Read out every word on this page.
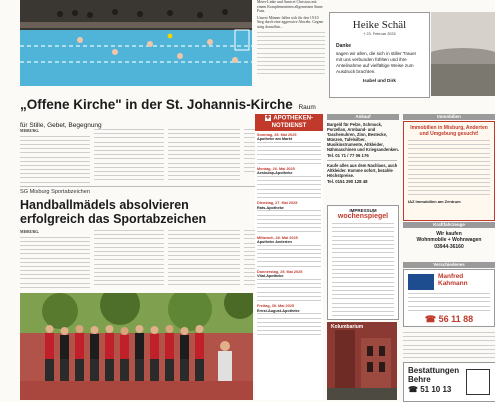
Meier-Linke und Annicet Christoss mit einem Komplementären allgemeinen Sinne Fans.
Unsere Männer fallen sich für den 19:10 Sieg durch eine aggressive Abwehr. Gegner stieg daraufhin...	Heike Schäl
† 23. Februar 2025
Danke
sagen wir allen, die sich in stiller Trauer mit uns verbunden fühlten und ihre Anteilnahme auf vielfältige Weise zum Ausdruck brachten.
Isabel und Dirk
„Offene Kirche" in der St. Johannis-Kirche Raum für Stille, Gebet, Begegnung
MISBURG.
SG Misburg Sportabzeichen
Handballmädels absolvieren erfolgreich das Sportabzeichen
MISBURG.
✚ APOTHEKEN-NOTDIENST
Sonntag, 25. Mai 2025
Apotheke am Markt
Montag, 26. Mai 2025
Aeskulap-Apotheke
Dienstag, 27. Mai 2025
Rats-Apotheke
Mittwoch, 28. Mai 2025
Apotheke Anderten
Donnerstag, 29. Mai 2025
Vital-Apotheke
Freitag, 30. Mai 2025
Ernst-August-Apotheke
Ankauf
Bargeld für Pelze, Schmuck, Porzellan, Armband- und Taschenuhren, Zinn, Bestecke, Münzen, Tafelsilber, Musikinstrumente, Altkleider, Nähmaschinen und Kriegsandenken.
Tel. 01 71 / 77 06 176
Kaufe alles aus dem Nachlass, auch Altkleider. Komme sofort, bezahle Höchstpreise.
Tel. 0151 290 128 48
IMPRESSUM
wochenspiegel
Kolumbarium
Immobilien
Immobilien in Misburg, Anderten und Umgebung gesucht!
IAZ Immobilien am Zentrum
Kraftfahrzeuge
Wir kaufen
Wohnmobile + Wohnwagen
03944-36160
Verschiedenes
Manfred Kahmann
☎ 56 11 88
Bestattungen Behre
☎ 51 10 13
